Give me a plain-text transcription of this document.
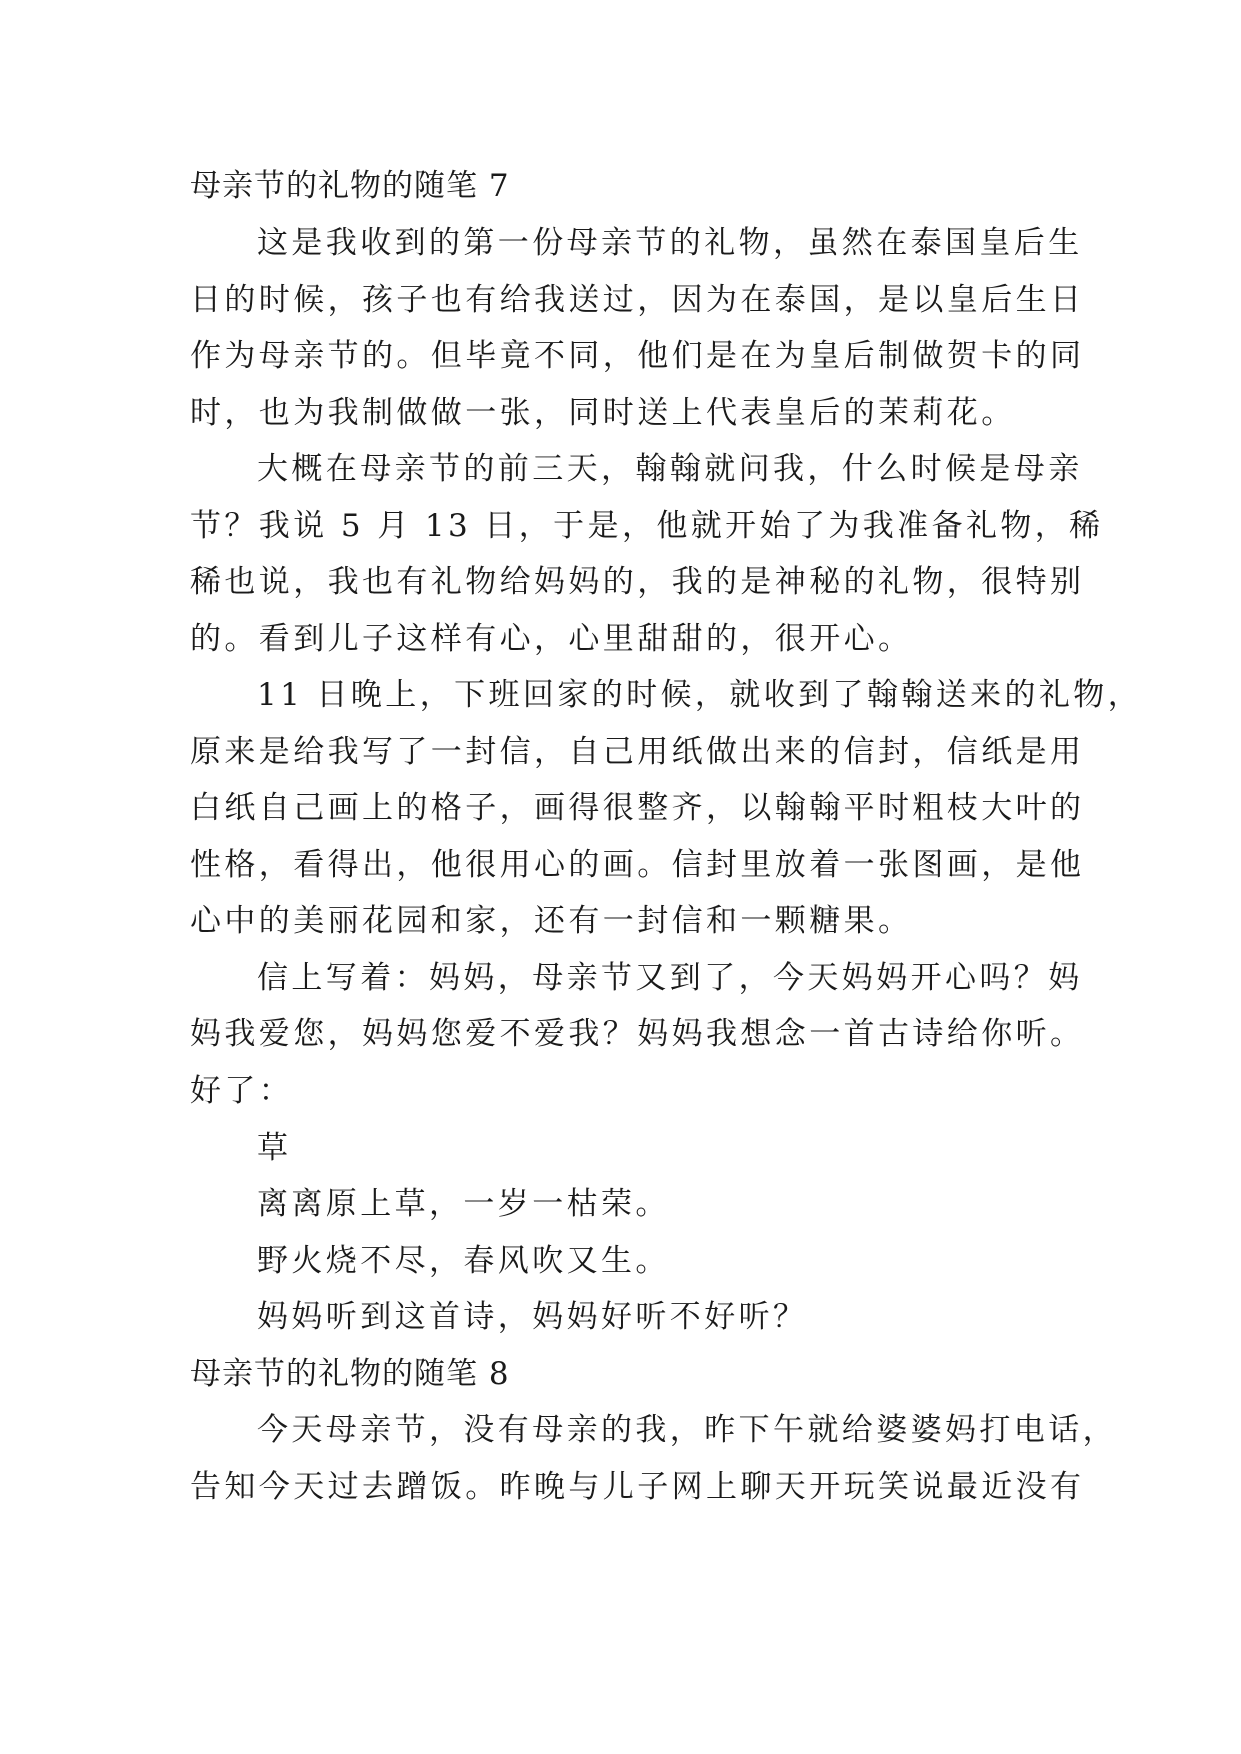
母亲节的礼物的随笔 7
这是我收到的第一份母亲节的礼物，虽然在泰国皇后生
日的时候，孩子也有给我送过，因为在泰国，是以皇后生日
作为母亲节的。但毕竟不同，他们是在为皇后制做贺卡的同
时，也为我制做做一张，同时送上代表皇后的茉莉花。
大概在母亲节的前三天，翰翰就问我，什么时候是母亲
节？我说 5 月 13 日，于是，他就开始了为我准备礼物，稀
稀也说，我也有礼物给妈妈的，我的是神秘的礼物，很特别
的。看到儿子这样有心，心里甜甜的，很开心。
11 日晚上，下班回家的时候，就收到了翰翰送来的礼物，
原来是给我写了一封信，自己用纸做出来的信封，信纸是用
白纸自己画上的格子，画得很整齐，以翰翰平时粗枝大叶的
性格，看得出，他很用心的画。信封里放着一张图画，是他
心中的美丽花园和家，还有一封信和一颗糖果。
信上写着：妈妈，母亲节又到了，今天妈妈开心吗？妈
妈我爱您，妈妈您爱不爱我？妈妈我想念一首古诗给你听。
好了：
草
离离原上草，一岁一枯荣。
野火烧不尽，春风吹又生。
妈妈听到这首诗，妈妈好听不好听？
母亲节的礼物的随笔 8
今天母亲节，没有母亲的我，昨下午就给婆婆妈打电话，
告知今天过去蹭饭。昨晚与儿子网上聊天开玩笑说最近没有
